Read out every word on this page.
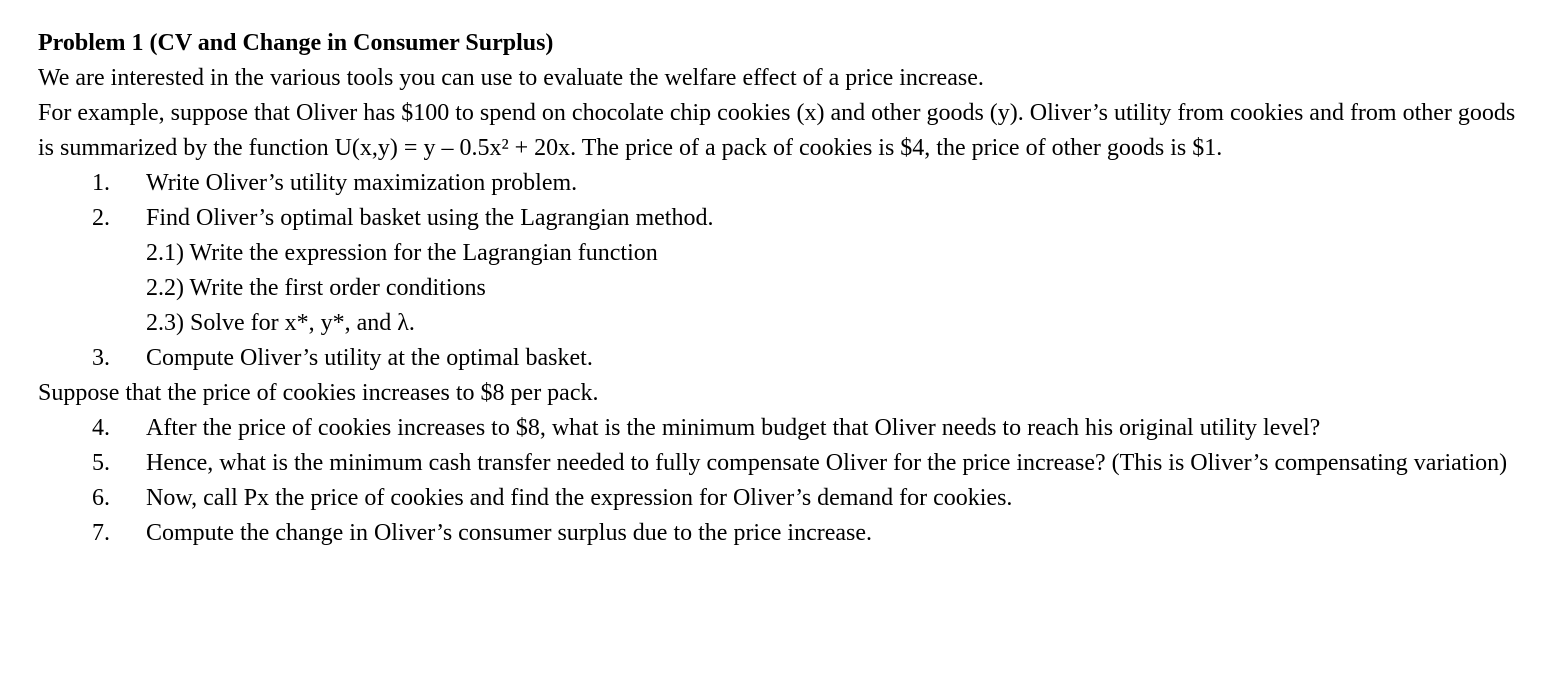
Problem 1 (CV and Change in Consumer Surplus)

We are interested in the various tools you can use to evaluate the welfare effect of a price increase.

For example, suppose that Oliver has $100 to spend on chocolate chip cookies (x) and other goods (y). Oliver’s utility from cookies and from other goods is summarized by the function U(x,y) = y – 0.5x² + 20x. The price of a pack of cookies is $4, the price of other goods is $1.

1. Write Oliver’s utility maximization problem.
2. Find Oliver’s optimal basket using the Lagrangian method.
2.1) Write the expression for the Lagrangian function
2.2) Write the first order conditions
2.3) Solve for x*, y*, and λ.
3. Compute Oliver’s utility at the optimal basket.

Suppose that the price of cookies increases to $8 per pack.

4. After the price of cookies increases to $8, what is the minimum budget that Oliver needs to reach his original utility level?
5. Hence, what is the minimum cash transfer needed to fully compensate Oliver for the price increase? (This is Oliver’s compensating variation)
6. Now, call Px the price of cookies and find the expression for Oliver’s demand for cookies.
7. Compute the change in Oliver’s consumer surplus due to the price increase.
